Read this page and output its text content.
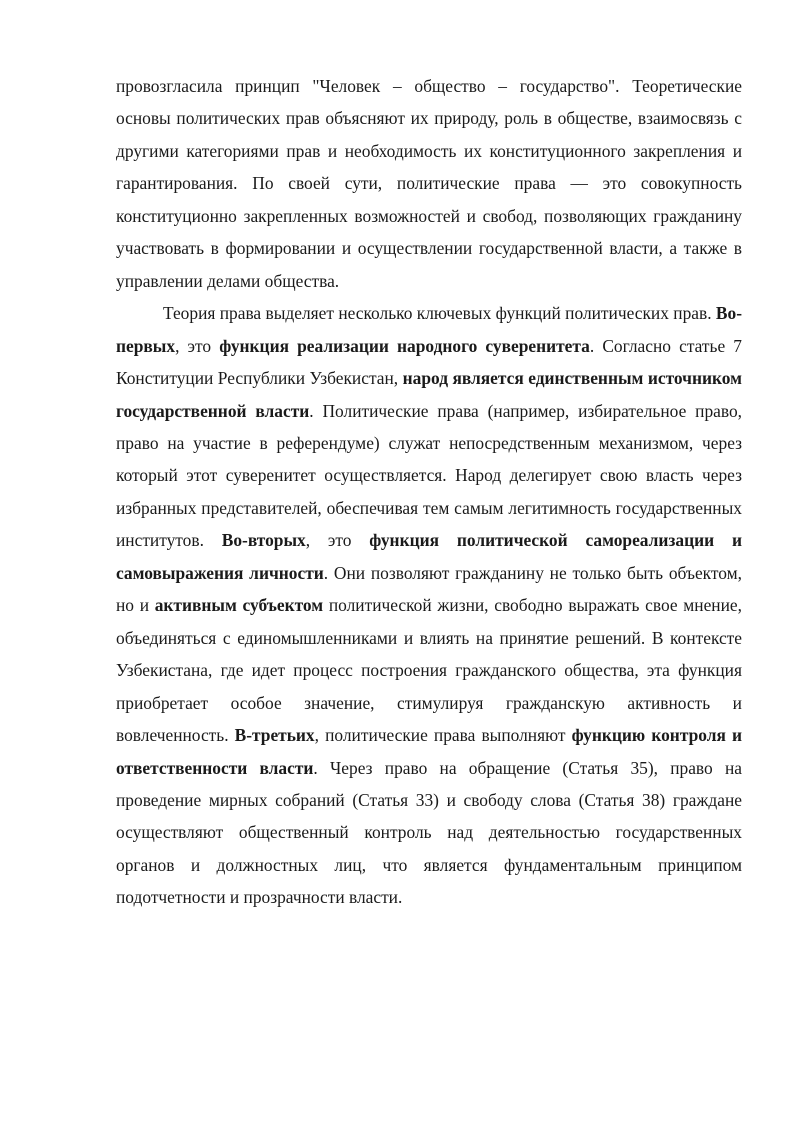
провозгласила принцип "Человек – общество – государство". Теоретические основы политических прав объясняют их природу, роль в обществе, взаимосвязь с другими категориями прав и необходимость их конституционного закрепления и гарантирования. По своей сути, политические права — это совокупность конституционно закрепленных возможностей и свобод, позволяющих гражданину участвовать в формировании и осуществлении государственной власти, а также в управлении делами общества.

Теория права выделяет несколько ключевых функций политических прав. Во-первых, это функция реализации народного суверенитета. Согласно статье 7 Конституции Республики Узбекистан, народ является единственным источником государственной власти. Политические права (например, избирательное право, право на участие в референдуме) служат непосредственным механизмом, через который этот суверенитет осуществляется. Народ делегирует свою власть через избранных представителей, обеспечивая тем самым легитимность государственных институтов. Во-вторых, это функция политической самореализации и самовыражения личности. Они позволяют гражданину не только быть объектом, но и активным субъектом политической жизни, свободно выражать свое мнение, объединяться с единомышленниками и влиять на принятие решений. В контексте Узбекистана, где идет процесс построения гражданского общества, эта функция приобретает особое значение, стимулируя гражданскую активность и вовлеченность. В-третьих, политические права выполняют функцию контроля и ответственности власти. Через право на обращение (Статья 35), право на проведение мирных собраний (Статья 33) и свободу слова (Статья 38) граждане осуществляют общественный контроль над деятельностью государственных органов и должностных лиц, что является фундаментальным принципом подотчетности и прозрачности власти.
